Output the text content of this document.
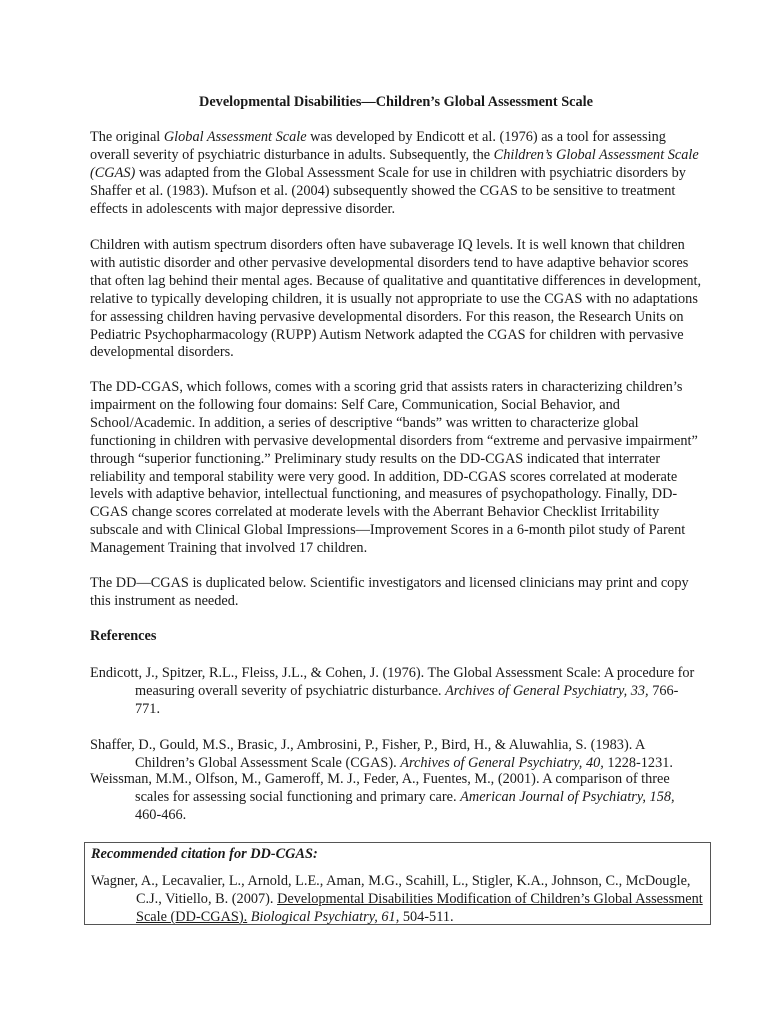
Developmental Disabilities—Children’s Global Assessment Scale

The original Global Assessment Scale was developed by Endicott et al. (1976) as a tool for assessing overall severity of psychiatric disturbance in adults. Subsequently, the Children’s Global Assessment Scale (CGAS) was adapted from the Global Assessment Scale for use in children with psychiatric disorders by Shaffer et al. (1983). Mufson et al. (2004) subsequently showed the CGAS to be sensitive to treatment effects in adolescents with major depressive disorder.

Children with autism spectrum disorders often have subaverage IQ levels. It is well known that children with autistic disorder and other pervasive developmental disorders tend to have adaptive behavior scores that often lag behind their mental ages. Because of qualitative and quantitative differences in development, relative to typically developing children, it is usually not appropriate to use the CGAS with no adaptations for assessing children having pervasive developmental disorders. For this reason, the Research Units on Pediatric Psychopharmacology (RUPP) Autism Network adapted the CGAS for children with pervasive developmental disorders.

The DD-CGAS, which follows, comes with a scoring grid that assists raters in characterizing children’s impairment on the following four domains: Self Care, Communication, Social Behavior, and School/Academic. In addition, a series of descriptive “bands” was written to characterize global functioning in children with pervasive developmental disorders from “extreme and pervasive impairment” through “superior functioning.” Preliminary study results on the DD-CGAS indicated that interrater reliability and temporal stability were very good. In addition, DD-CGAS scores correlated at moderate levels with adaptive behavior, intellectual functioning, and measures of psychopathology. Finally, DD-CGAS change scores correlated at moderate levels with the Aberrant Behavior Checklist Irritability subscale and with Clinical Global Impressions—Improvement Scores in a 6-month pilot study of Parent Management Training that involved 17 children.

The DD—CGAS is duplicated below. Scientific investigators and licensed clinicians may print and copy this instrument as needed.

References

Endicott, J., Spitzer, R.L., Fleiss, J.L., & Cohen, J. (1976). The Global Assessment Scale: A procedure for measuring overall severity of psychiatric disturbance. Archives of General Psychiatry, 33, 766-771.

Shaffer, D., Gould, M.S., Brasic, J., Ambrosini, P., Fisher, P., Bird, H., & Aluwahlia, S. (1983). A Children’s Global Assessment Scale (CGAS). Archives of General Psychiatry, 40, 1228-1231.

Weissman, M.M., Olfson, M., Gameroff, M. J., Feder, A., Fuentes, M., (2001). A comparison of three scales for assessing social functioning and primary care. American Journal of Psychiatry, 158, 460-466.

Recommended citation for DD-CGAS:

Wagner, A., Lecavalier, L., Arnold, L.E., Aman, M.G., Scahill, L., Stigler, K.A., Johnson, C., McDougle, C.J., Vitiello, B. (2007). Developmental Disabilities Modification of Children’s Global Assessment Scale (DD-CGAS). Biological Psychiatry, 61, 504-511.
